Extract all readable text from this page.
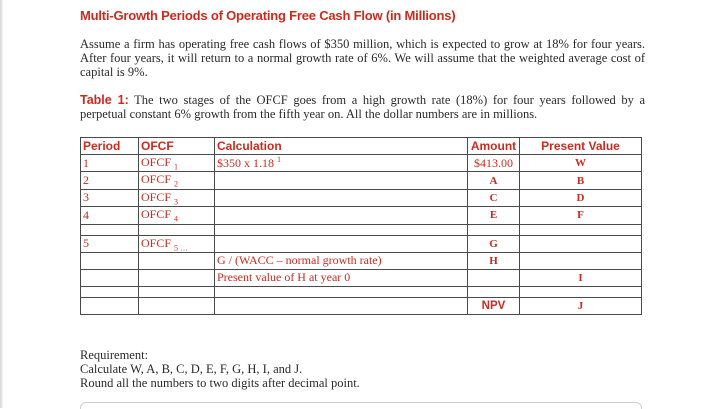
Multi-Growth Periods of Operating Free Cash Flow (in Millions)
Assume a firm has operating free cash flows of $350 million, which is expected to grow at 18% for four years. After four years, it will return to a normal growth rate of 6%. We will assume that the weighted average cost of capital is 9%.
Table 1: The two stages of the OFCF goes from a high growth rate (18%) for four years followed by a perpetual constant 6% growth from the fifth year on. All the dollar numbers are in millions.
Period	OFCF	Calculation	Amount	Present Value
1	OFCF $_1$	$350 x 1.18 $^1$	$413.00	W
2	OFCF $_2$		A	B
3	OFCF $_3$		C	D
4	OFCF $_4$		E	F

5	OFCF $_{5 \dots}$		G	
		G / (WACC – normal growth rate)	H	
		Present value of H at year 0		I

			NPV	J
Requirement:
Calculate W, A, B, C, D, E, F, G, H, I, and J.
Round all the numbers to two digits after decimal point.
